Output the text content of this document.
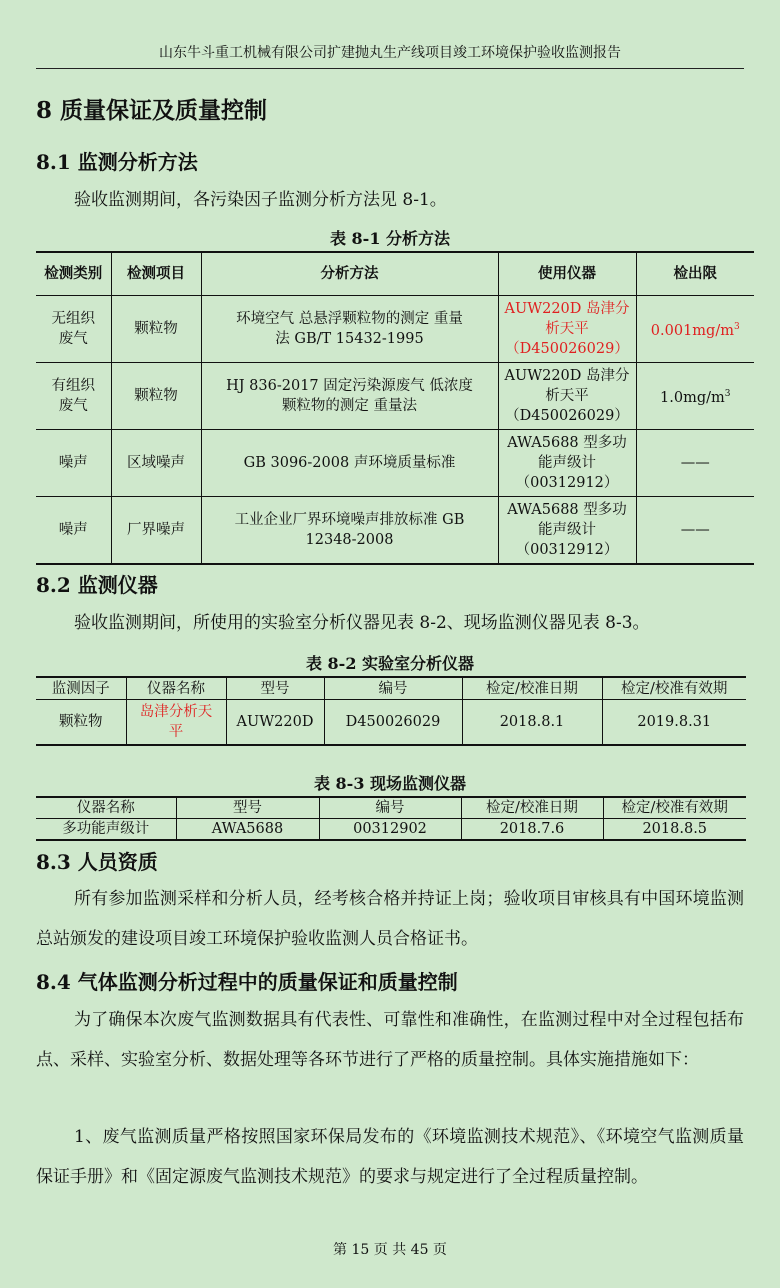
山东牛斗重工机械有限公司扩建抛丸生产线项目竣工环境保护验收监测报告
8 质量保证及质量控制
8.1 监测分析方法

验收监测期间，各污染因子监测分析方法见 8-1。

表 8-1 分析方法
检测类别	检测项目	分析方法	使用仪器	检出限
无组织废气	颗粒物	环境空气 总悬浮颗粒物的测定 重量法 GB/T 15432-1995	AUW220D 岛津分析天平（D450026029）	$0.001mg/m^3$
有组织废气	颗粒物	HJ 836-2017 固定污染源废气 低浓度颗粒物的测定 重量法	AUW220D 岛津分析天平（D450026029）	$1.0mg/m^3$
噪声	区域噪声	GB 3096-2008 声环境质量标准	AWA5688 型多功能声级计（00312912）	——
噪声	厂界噪声	工业企业厂界环境噪声排放标准 GB 12348-2008	AWA5688 型多功能声级计（00312912）	——
8.2 监测仪器

验收监测期间，所使用的实验室分析仪器见表 8-2、现场监测仪器见表 8-3。

表 8-2 实验室分析仪器
监测因子	仪器名称	型号	编号	检定/校准日期	检定/校准有效期
颗粒物	岛津分析天平	AUW220D	D450026029	2018.8.1	2019.8.31
表 8-3 现场监测仪器
仪器名称	型号	编号	检定/校准日期	检定/校准有效期
多功能声级计	AWA5688	00312902	2018.7.6	2018.8.5
8.3 人员资质

所有参加监测采样和分析人员，经考核合格并持证上岗；验收项目审核具有中国环境监测总站颁发的建设项目竣工环境保护验收监测人员合格证书。

8.4 气体监测分析过程中的质量保证和质量控制

为了确保本次废气监测数据具有代表性、可靠性和准确性，在监测过程中对全过程包括布点、采样、实验室分析、数据处理等各环节进行了严格的质量控制。具体实施措施如下：

1、废气监测质量严格按照国家环保局发布的《环境监测技术规范》、《环境空气监测质量保证手册》和《固定源废气监测技术规范》的要求与规定进行了全过程质量控制。

第 15 页 共 45 页
